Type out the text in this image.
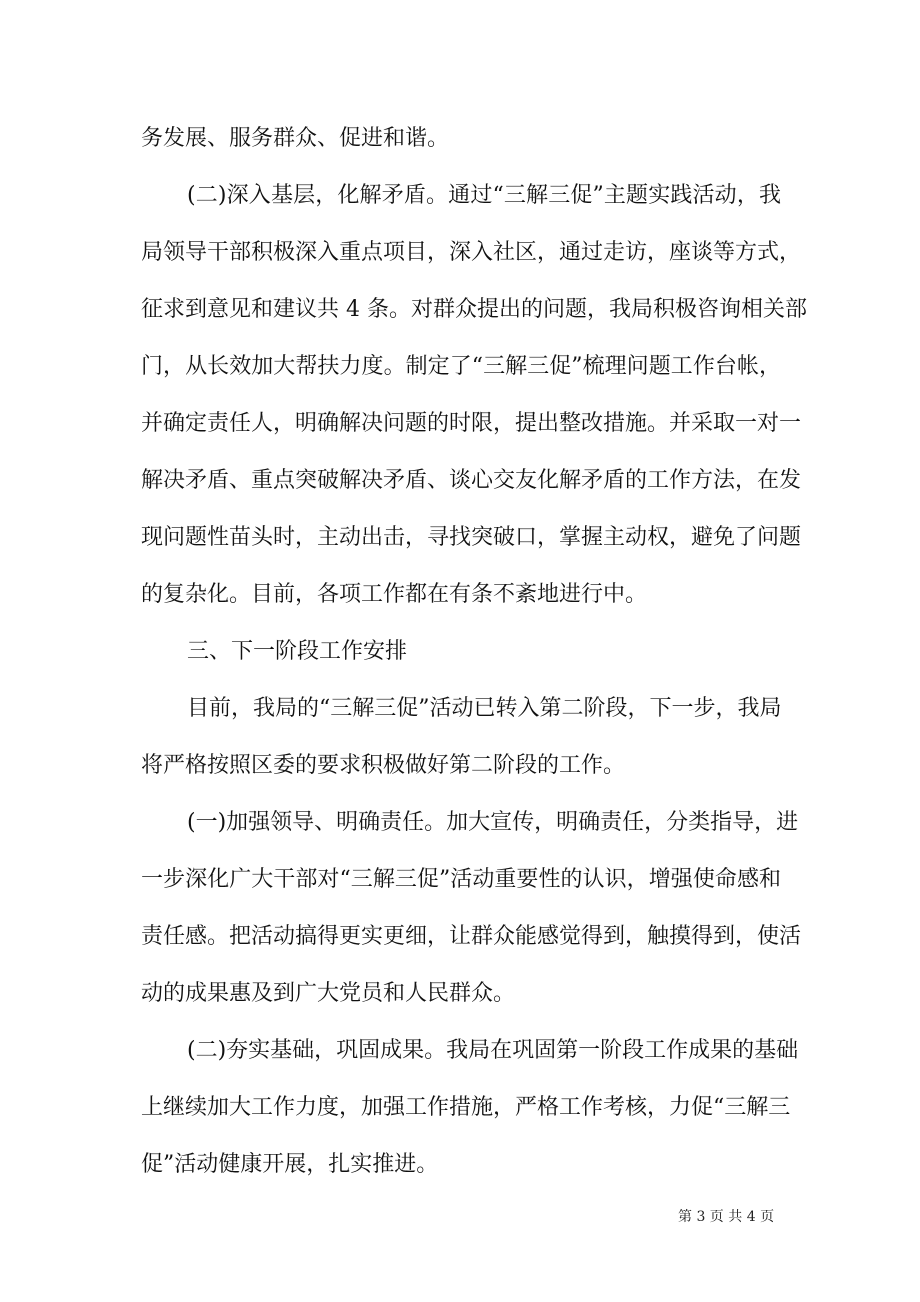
务发展、服务群众、促进和谐。
(二)深入基层，化解矛盾。通过“三解三促”主题实践活动，我
局领导干部积极深入重点项目，深入社区，通过走访，座谈等方式，
征求到意见和建议共 4 条。对群众提出的问题，我局积极咨询相关部
门，从长效加大帮扶力度。制定了“三解三促”梳理问题工作台帐，
并确定责任人，明确解决问题的时限，提出整改措施。并采取一对一
解决矛盾、重点突破解决矛盾、谈心交友化解矛盾的工作方法，在发
现问题性苗头时，主动出击，寻找突破口，掌握主动权，避免了问题
的复杂化。目前，各项工作都在有条不紊地进行中。
三、下一阶段工作安排
目前，我局的“三解三促”活动已转入第二阶段，下一步，我局
将严格按照区委的要求积极做好第二阶段的工作。
(一)加强领导、明确责任。加大宣传，明确责任，分类指导，进
一步深化广大干部对“三解三促”活动重要性的认识，增强使命感和
责任感。把活动搞得更实更细，让群众能感觉得到，触摸得到，使活
动的成果惠及到广大党员和人民群众。
(二)夯实基础，巩固成果。我局在巩固第一阶段工作成果的基础
上继续加大工作力度，加强工作措施，严格工作考核，力促“三解三
促”活动健康开展，扎实推进。
第 3 页 共 4 页
